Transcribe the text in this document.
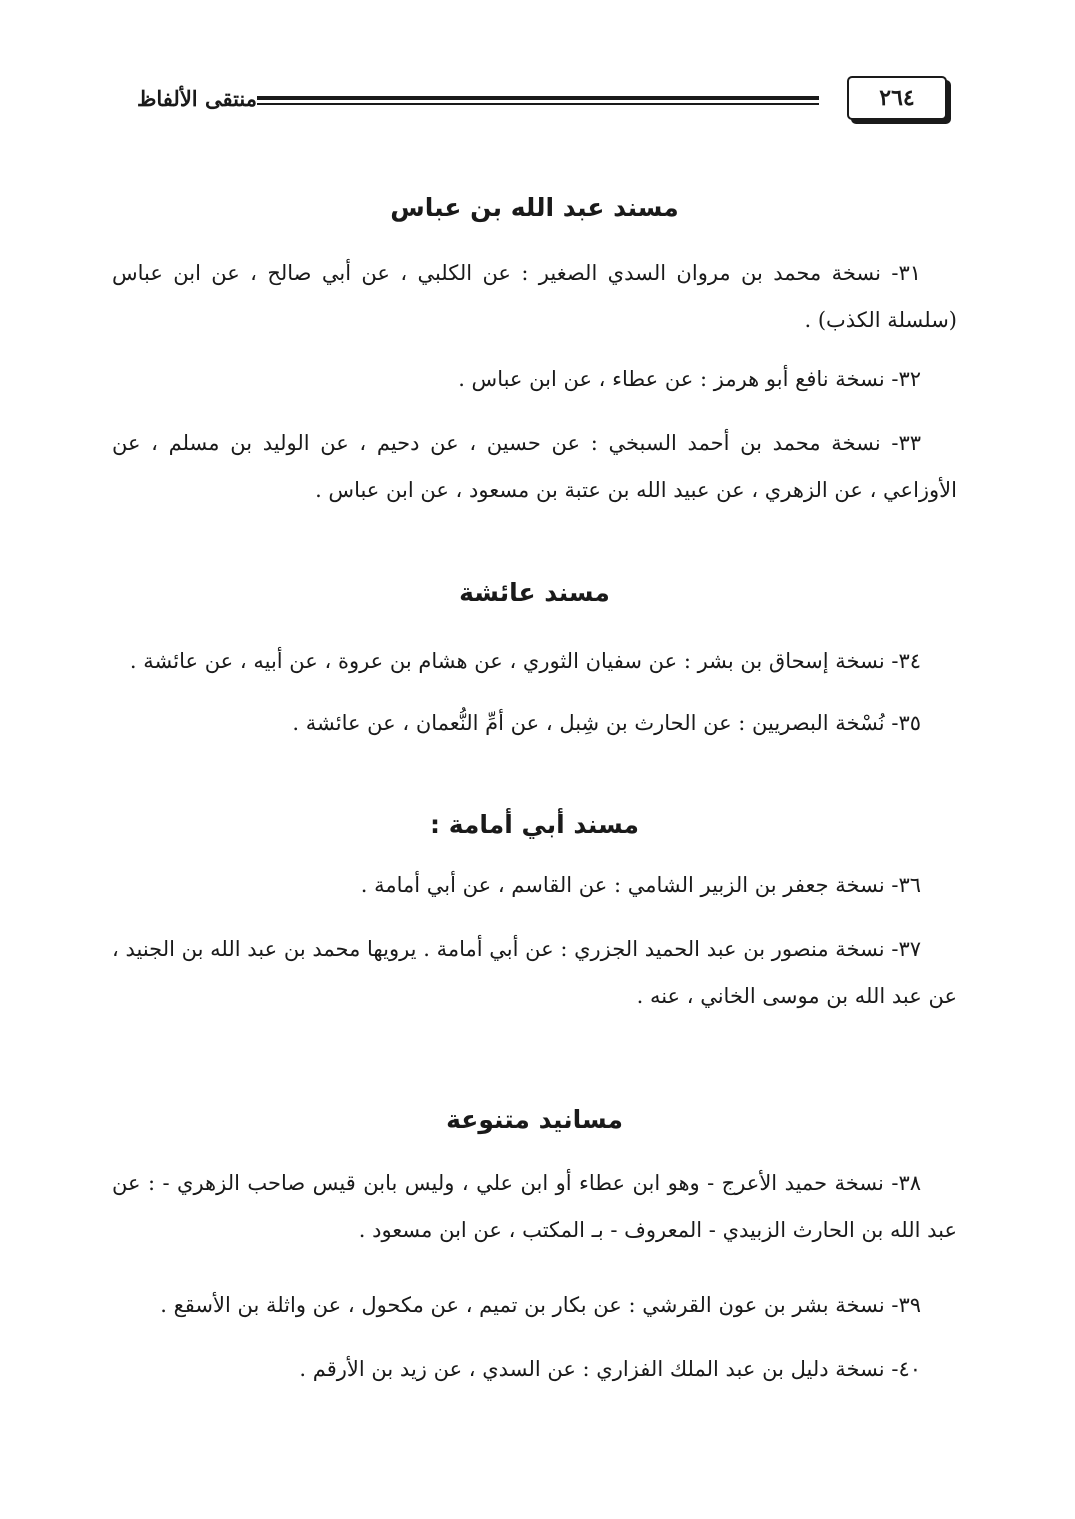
منتقى الألفاظ	٢٦٤
مسند عبد الله بن عباس
٣١- نسخة محمد بن مروان السدي الصغير : عن الكلبي ، عن أبي صالح ، عن ابن عباس (سلسلة الكذب) .
٣٢- نسخة نافع أبو هرمز : عن عطاء ، عن ابن عباس .
٣٣- نسخة محمد بن أحمد السبخي : عن حسين ، عن دحيم ، عن الوليد بن مسلم ، عن الأوزاعي ، عن الزهري ، عن عبيد الله بن عتبة بن مسعود ، عن ابن عباس .
مسند عائشة
٣٤- نسخة إسحاق بن بشر : عن سفيان الثوري ، عن هشام بن عروة ، عن أبيه ، عن عائشة .
٣٥- نُسْخة البصريين : عن الحارث بن شِبل ، عن أمِّ النُّعمان ، عن عائشة .
مسند أبي أمامة :
٣٦- نسخة جعفر بن الزبير الشامي : عن القاسم ، عن أبي أمامة .
٣٧- نسخة منصور بن عبد الحميد الجزري : عن أبي أمامة . يرويها محمد بن عبد الله بن الجنيد ، عن عبد الله بن موسى الخاني ، عنه .
مسانيد متنوعة
٣٨- نسخة حميد الأعرج - وهو ابن عطاء أو ابن علي ، وليس بابن قيس صاحب الزهري - : عن عبد الله بن الحارث الزبيدي - المعروف - بـ المكتب ، عن ابن مسعود .
٣٩- نسخة بشر بن عون القرشي : عن بكار بن تميم ، عن مكحول ، عن واثلة بن الأسقع .
٤٠- نسخة دليل بن عبد الملك الفزاري : عن السدي ، عن زيد بن الأرقم .
